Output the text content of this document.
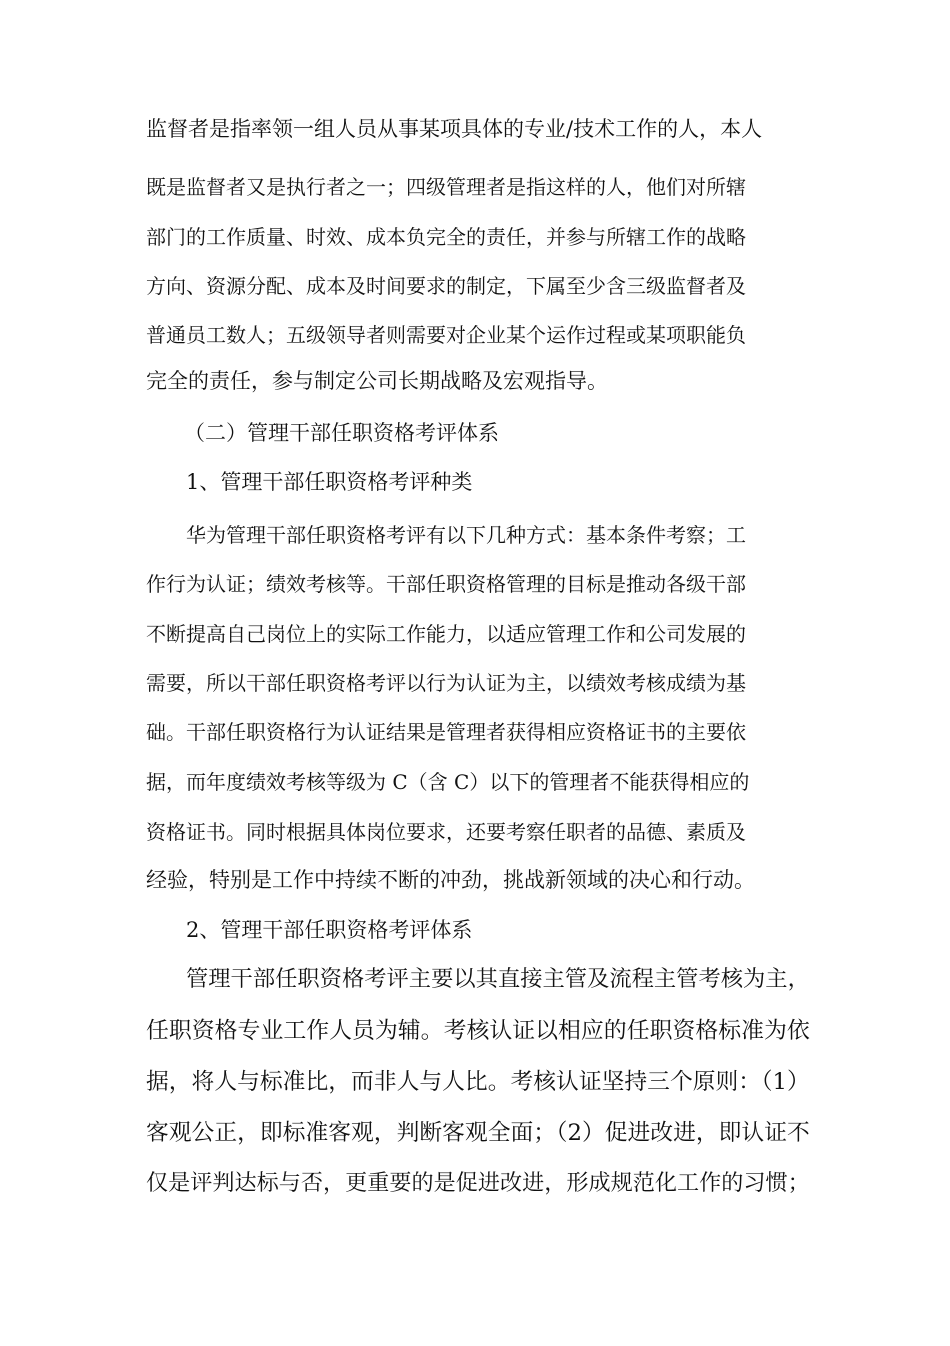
监督者是指率领一组人员从事某项具体的专业/技术工作的人，本人
既是监督者又是执行者之一；四级管理者是指这样的人，他们对所辖
部门的工作质量、时效、成本负完全的责任，并参与所辖工作的战略
方向、资源分配、成本及时间要求的制定，下属至少含三级监督者及
普通员工数人；五级领导者则需要对企业某个运作过程或某项职能负
完全的责任，参与制定公司长期战略及宏观指导。
（二）管理干部任职资格考评体系
1、管理干部任职资格考评种类
华为管理干部任职资格考评有以下几种方式：基本条件考察；工
作行为认证；绩效考核等。干部任职资格管理的目标是推动各级干部
不断提高自己岗位上的实际工作能力，以适应管理工作和公司发展的
需要，所以干部任职资格考评以行为认证为主，以绩效考核成绩为基
础。干部任职资格行为认证结果是管理者获得相应资格证书的主要依
据，而年度绩效考核等级为 C（含 C）以下的管理者不能获得相应的
资格证书。同时根据具体岗位要求，还要考察任职者的品德、素质及
经验，特别是工作中持续不断的冲劲，挑战新领域的决心和行动。
2、管理干部任职资格考评体系
管理干部任职资格考评主要以其直接主管及流程主管考核为主，
任职资格专业工作人员为辅。考核认证以相应的任职资格标准为依
据，将人与标准比，而非人与人比。考核认证坚持三个原则：（1）
客观公正，即标准客观，判断客观全面；（2）促进改进，即认证不
仅是评判达标与否，更重要的是促进改进，形成规范化工作的习惯；
